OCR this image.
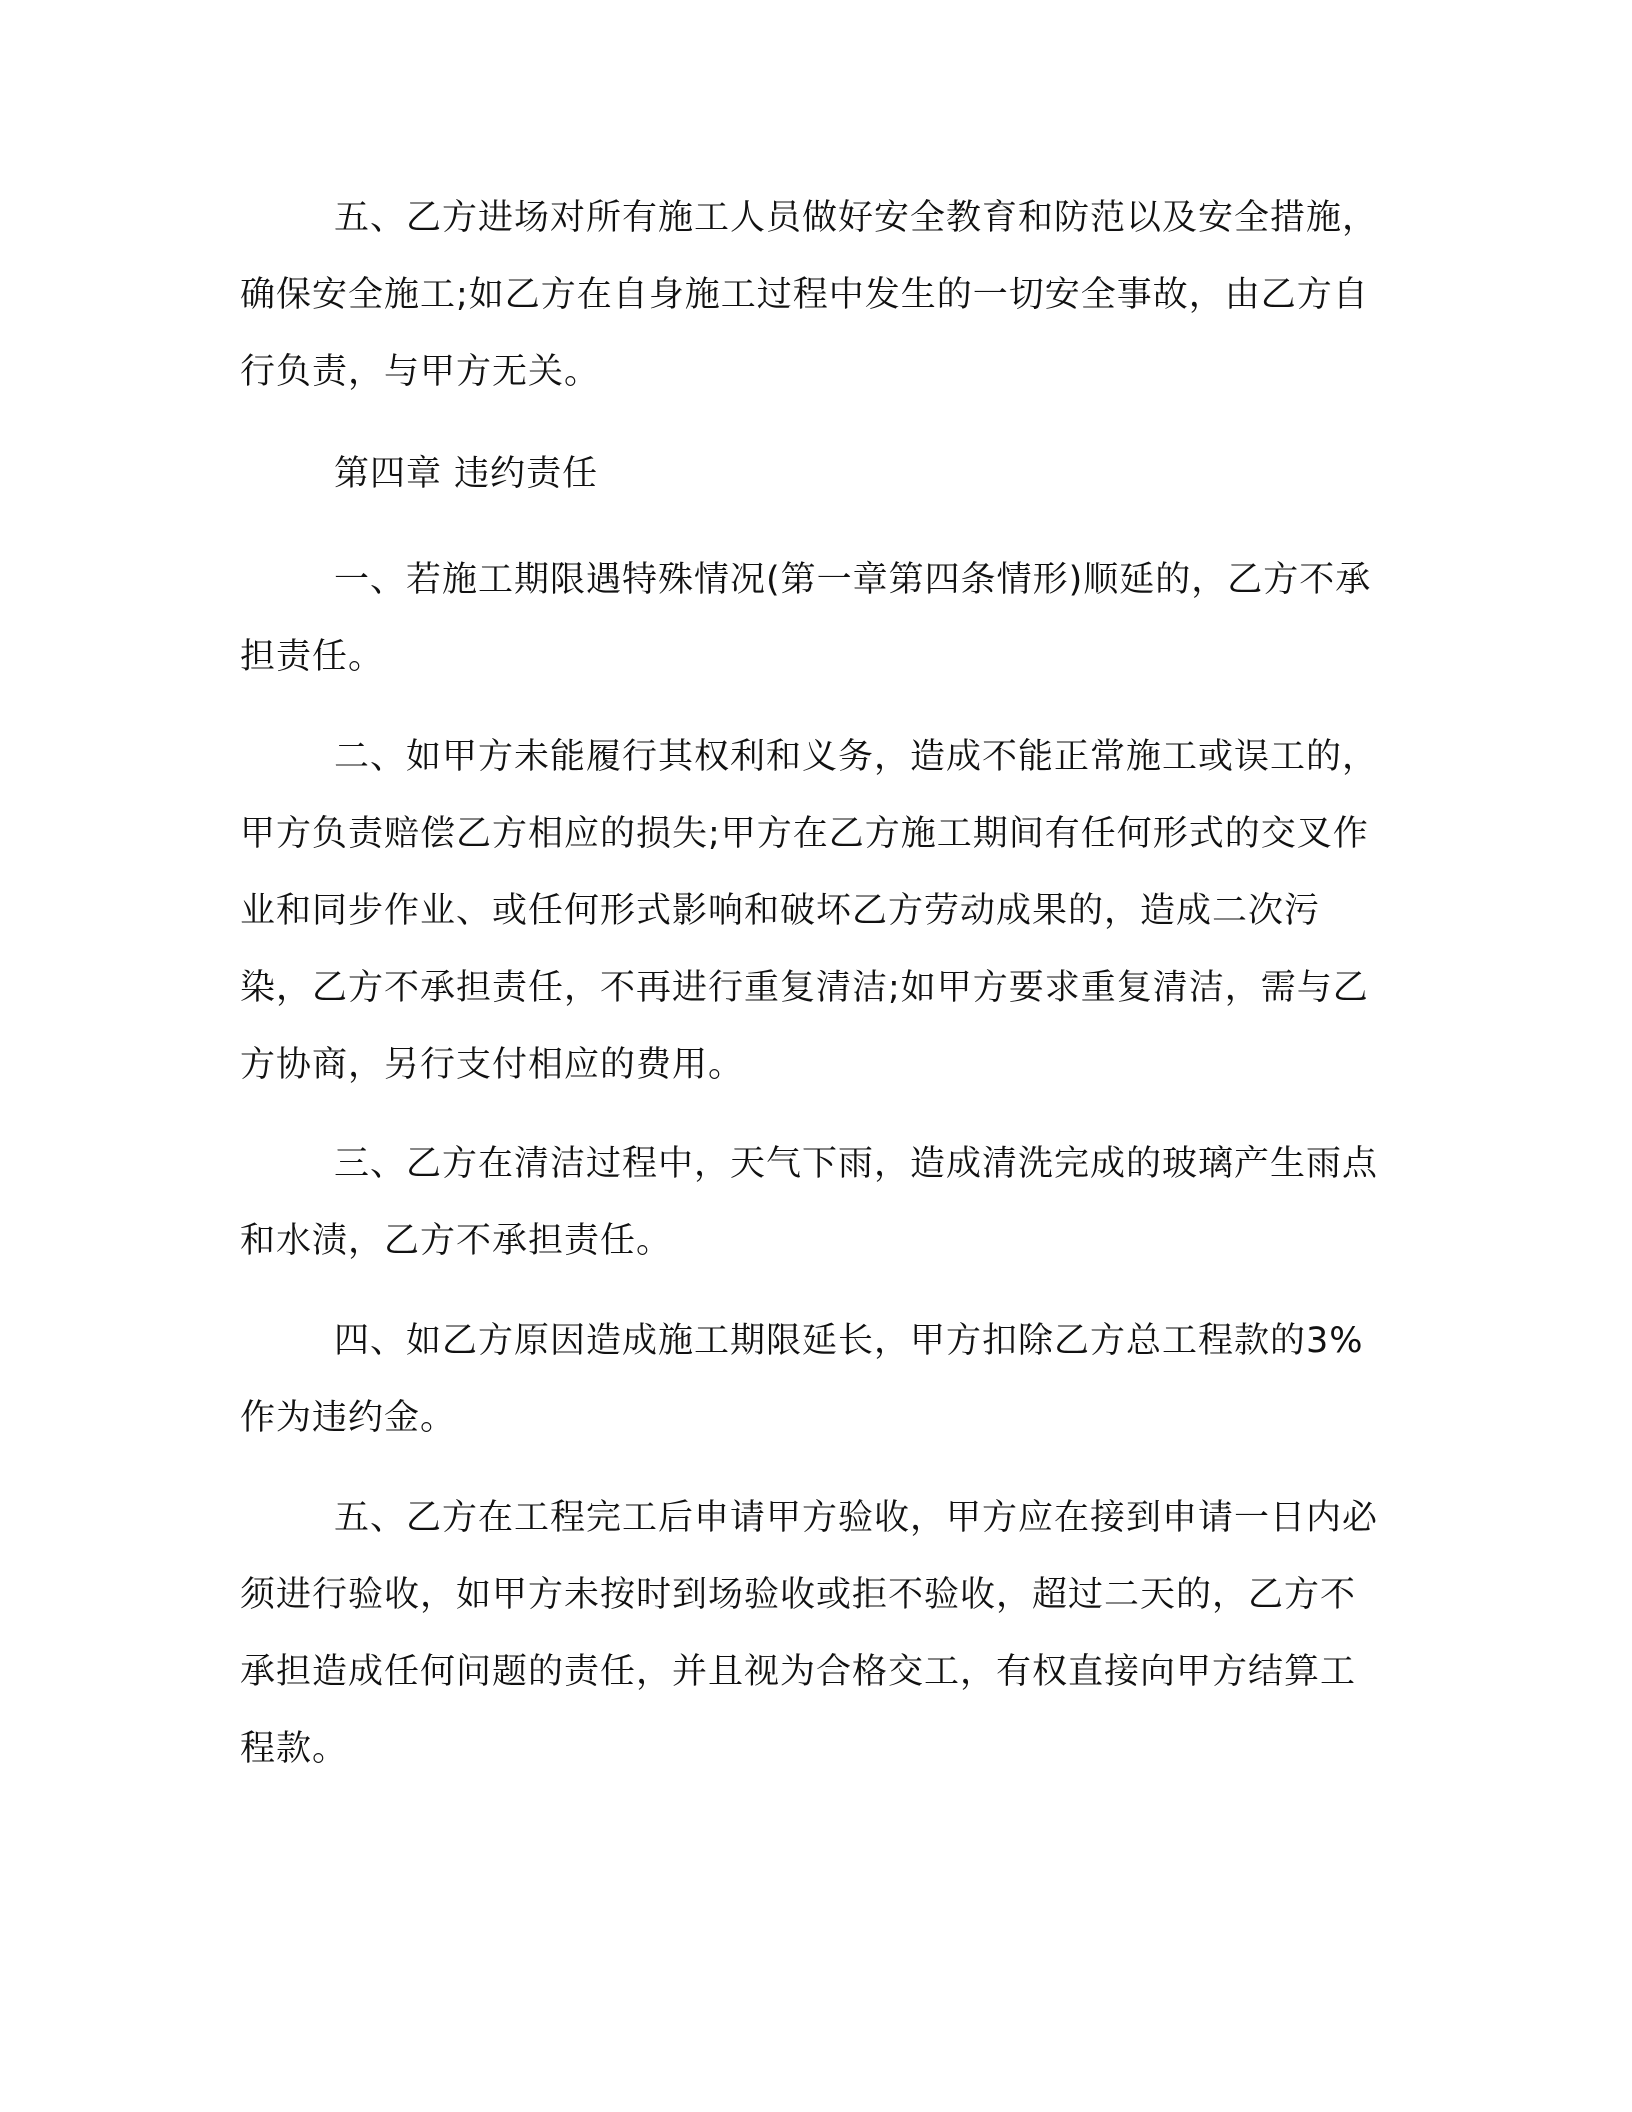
五、乙方进场对所有施工人员做好安全教育和防范以及安全措施，确保安全施工;如乙方在自身施工过程中发生的一切安全事故，由乙方自行负责，与甲方无关。

第四章 违约责任

一、若施工期限遇特殊情况(第一章第四条情形)顺延的，乙方不承担责任。

二、如甲方未能履行其权利和义务，造成不能正常施工或误工的，甲方负责赔偿乙方相应的损失;甲方在乙方施工期间有任何形式的交叉作业和同步作业、或任何形式影响和破坏乙方劳动成果的，造成二次污染，乙方不承担责任，不再进行重复清洁;如甲方要求重复清洁，需与乙方协商，另行支付相应的费用。

三、乙方在清洁过程中，天气下雨，造成清洗完成的玻璃产生雨点和水渍，乙方不承担责任。

四、如乙方原因造成施工期限延长，甲方扣除乙方总工程款的3%作为违约金。

五、乙方在工程完工后申请甲方验收，甲方应在接到申请一日内必须进行验收，如甲方未按时到场验收或拒不验收，超过二天的，乙方不承担造成任何问题的责任，并且视为合格交工，有权直接向甲方结算工程款。
